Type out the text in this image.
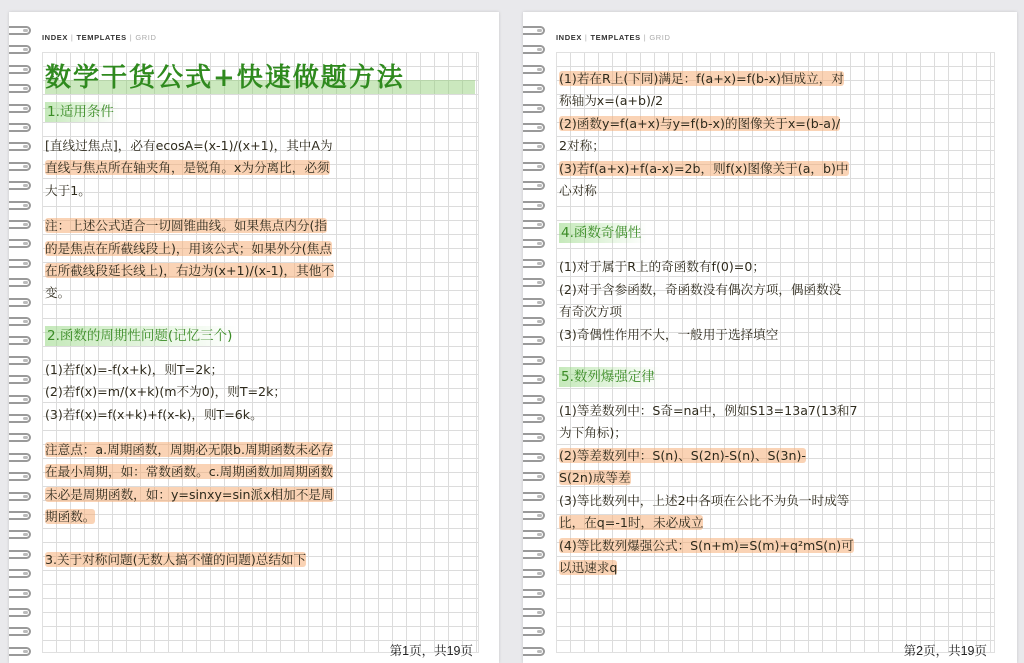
INDEX | TEMPLATES | GRID
数学干货公式+快速做题方法
1.适用条件
[直线过焦点]，必有ecosA=(x-1)/(x+1)，其中A为
直线与焦点所在轴夹角，是锐角。x为分离比，必须
大于1。
注：上述公式适合一切圆锥曲线。如果焦点内分(指
的是焦点在所截线段上)，用该公式；如果外分(焦点
在所截线段延长线上)，右边为(x+1)/(x-1)，其他不
变。
2.函数的周期性问题(记忆三个)
(1)若f(x)=-f(x+k)，则T=2k；
(2)若f(x)=m/(x+k)(m不为0)，则T=2k；
(3)若f(x)=f(x+k)+f(x-k)，则T=6k。
注意点：a.周期函数，周期必无限b.周期函数未必存
在最小周期，如：常数函数。c.周期函数加周期函数
未必是周期函数，如：y=sinxy=sin派x相加不是周
期函数。
3.关于对称问题(无数人搞不懂的问题)总结如下
第1页，共19页
INDEX | TEMPLATES | GRID
(1)若在R上(下同)满足：f(a+x)=f(b-x)恒成立，对
称轴为x=(a+b)/2
(2)函数y=f(a+x)与y=f(b-x)的图像关于x=(b-a)/
2对称；
(3)若f(a+x)+f(a-x)=2b，则f(x)图像关于(a，b)中
心对称
4.函数奇偶性
(1)对于属于R上的奇函数有f(0)=0；
(2)对于含参函数，奇函数没有偶次方项，偶函数没
有奇次方项
(3)奇偶性作用不大，一般用于选择填空
5.数列爆强定律
(1)等差数列中：S奇=na中，例如S13=13a7(13和7
为下角标)；
(2)等差数列中：S(n)、S(2n)-S(n)、S(3n)-
S(2n)成等差
(3)等比数列中，上述2中各项在公比不为负一时成等
比，在q=-1时，未必成立
(4)等比数列爆强公式：S(n+m)=S(m)+q²mS(n)可
以迅速求q
第2页，共19页
